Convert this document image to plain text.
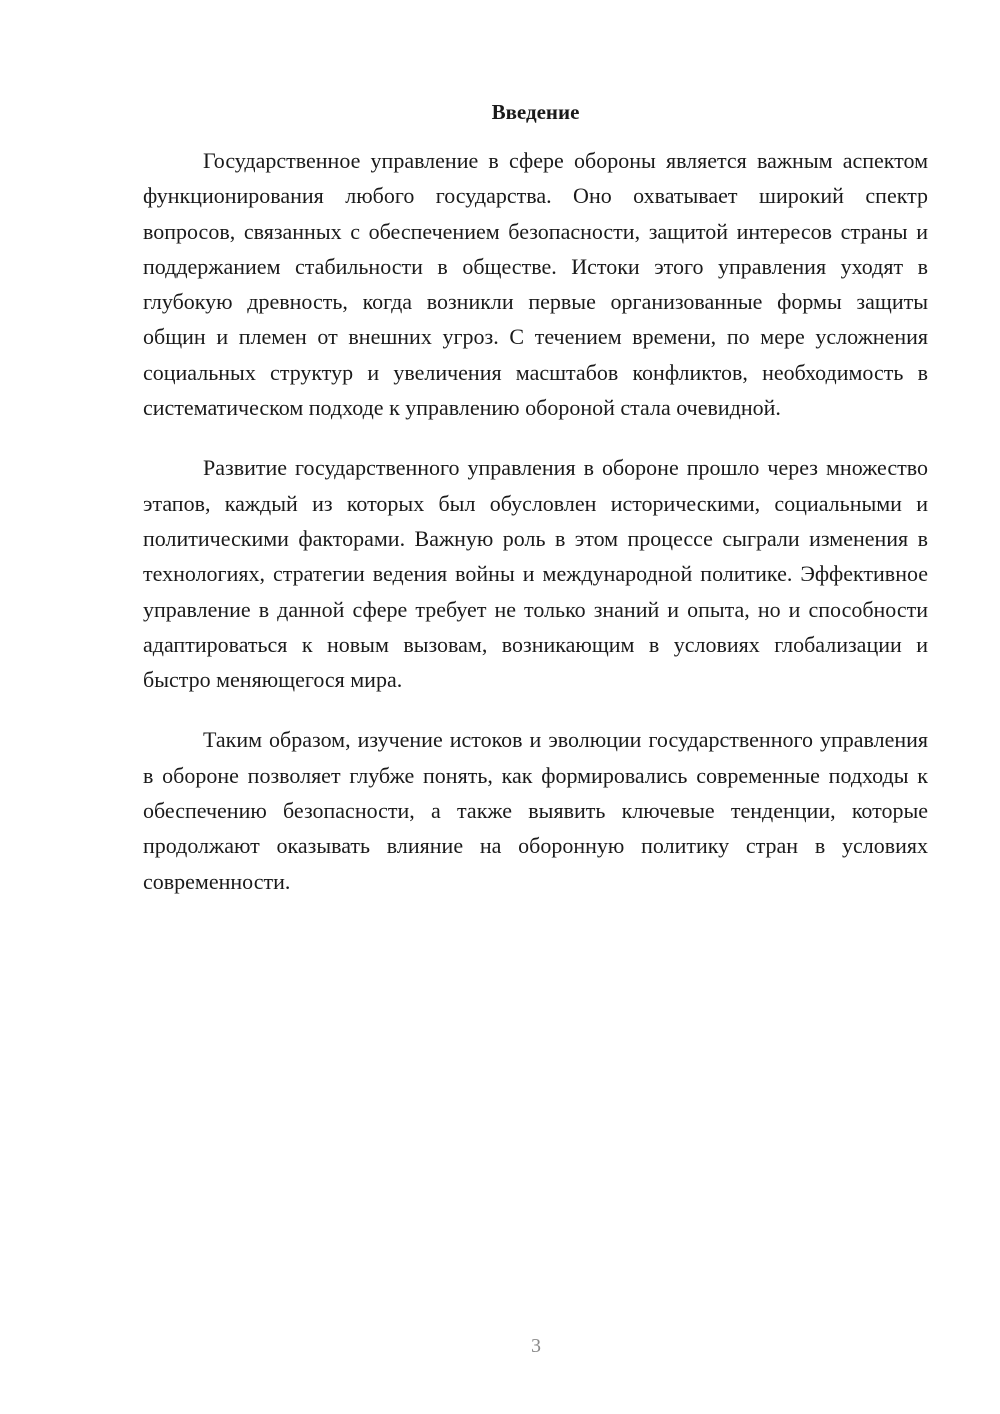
Введение

Государственное управление в сфере обороны является важным аспектом функционирования любого государства. Оно охватывает широкий спектр вопросов, связанных с обеспечением безопасности, защитой интересов страны и поддержанием стабильности в обществе. Истоки этого управления уходят в глубокую древность, когда возникли первые организованные формы защиты общин и племен от внешних угроз. С течением времени, по мере усложнения социальных структур и увеличения масштабов конфликтов, необходимость в систематическом подходе к управлению обороной стала очевидной.

Развитие государственного управления в обороне прошло через множество этапов, каждый из которых был обусловлен историческими, социальными и политическими факторами. Важную роль в этом процессе сыграли изменения в технологиях, стратегии ведения войны и международной политике. Эффективное управление в данной сфере требует не только знаний и опыта, но и способности адаптироваться к новым вызовам, возникающим в условиях глобализации и быстро меняющегося мира.

Таким образом, изучение истоков и эволюции государственного управления в обороне позволяет глубже понять, как формировались современные подходы к обеспечению безопасности, а также выявить ключевые тенденции, которые продолжают оказывать влияние на оборонную политику стран в условиях современности.

3
